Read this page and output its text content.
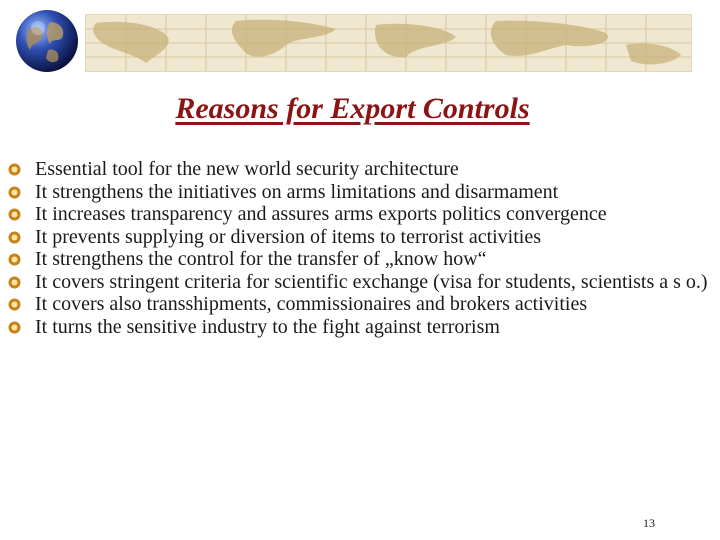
Reasons for Export Controls
Essential tool for the new world security architecture
It strengthens the initiatives on arms limitations and disarmament
It increases transparency and assures arms exports politics convergence
It prevents supplying or diversion of items to terrorist activities
It strengthens the control for the transfer of „know how“
It covers stringent criteria for scientific exchange (visa for students, scientists a s o.)
It covers also transshipments, commissionaires and brokers activities
It turns the sensitive industry to the fight against terrorism
13
